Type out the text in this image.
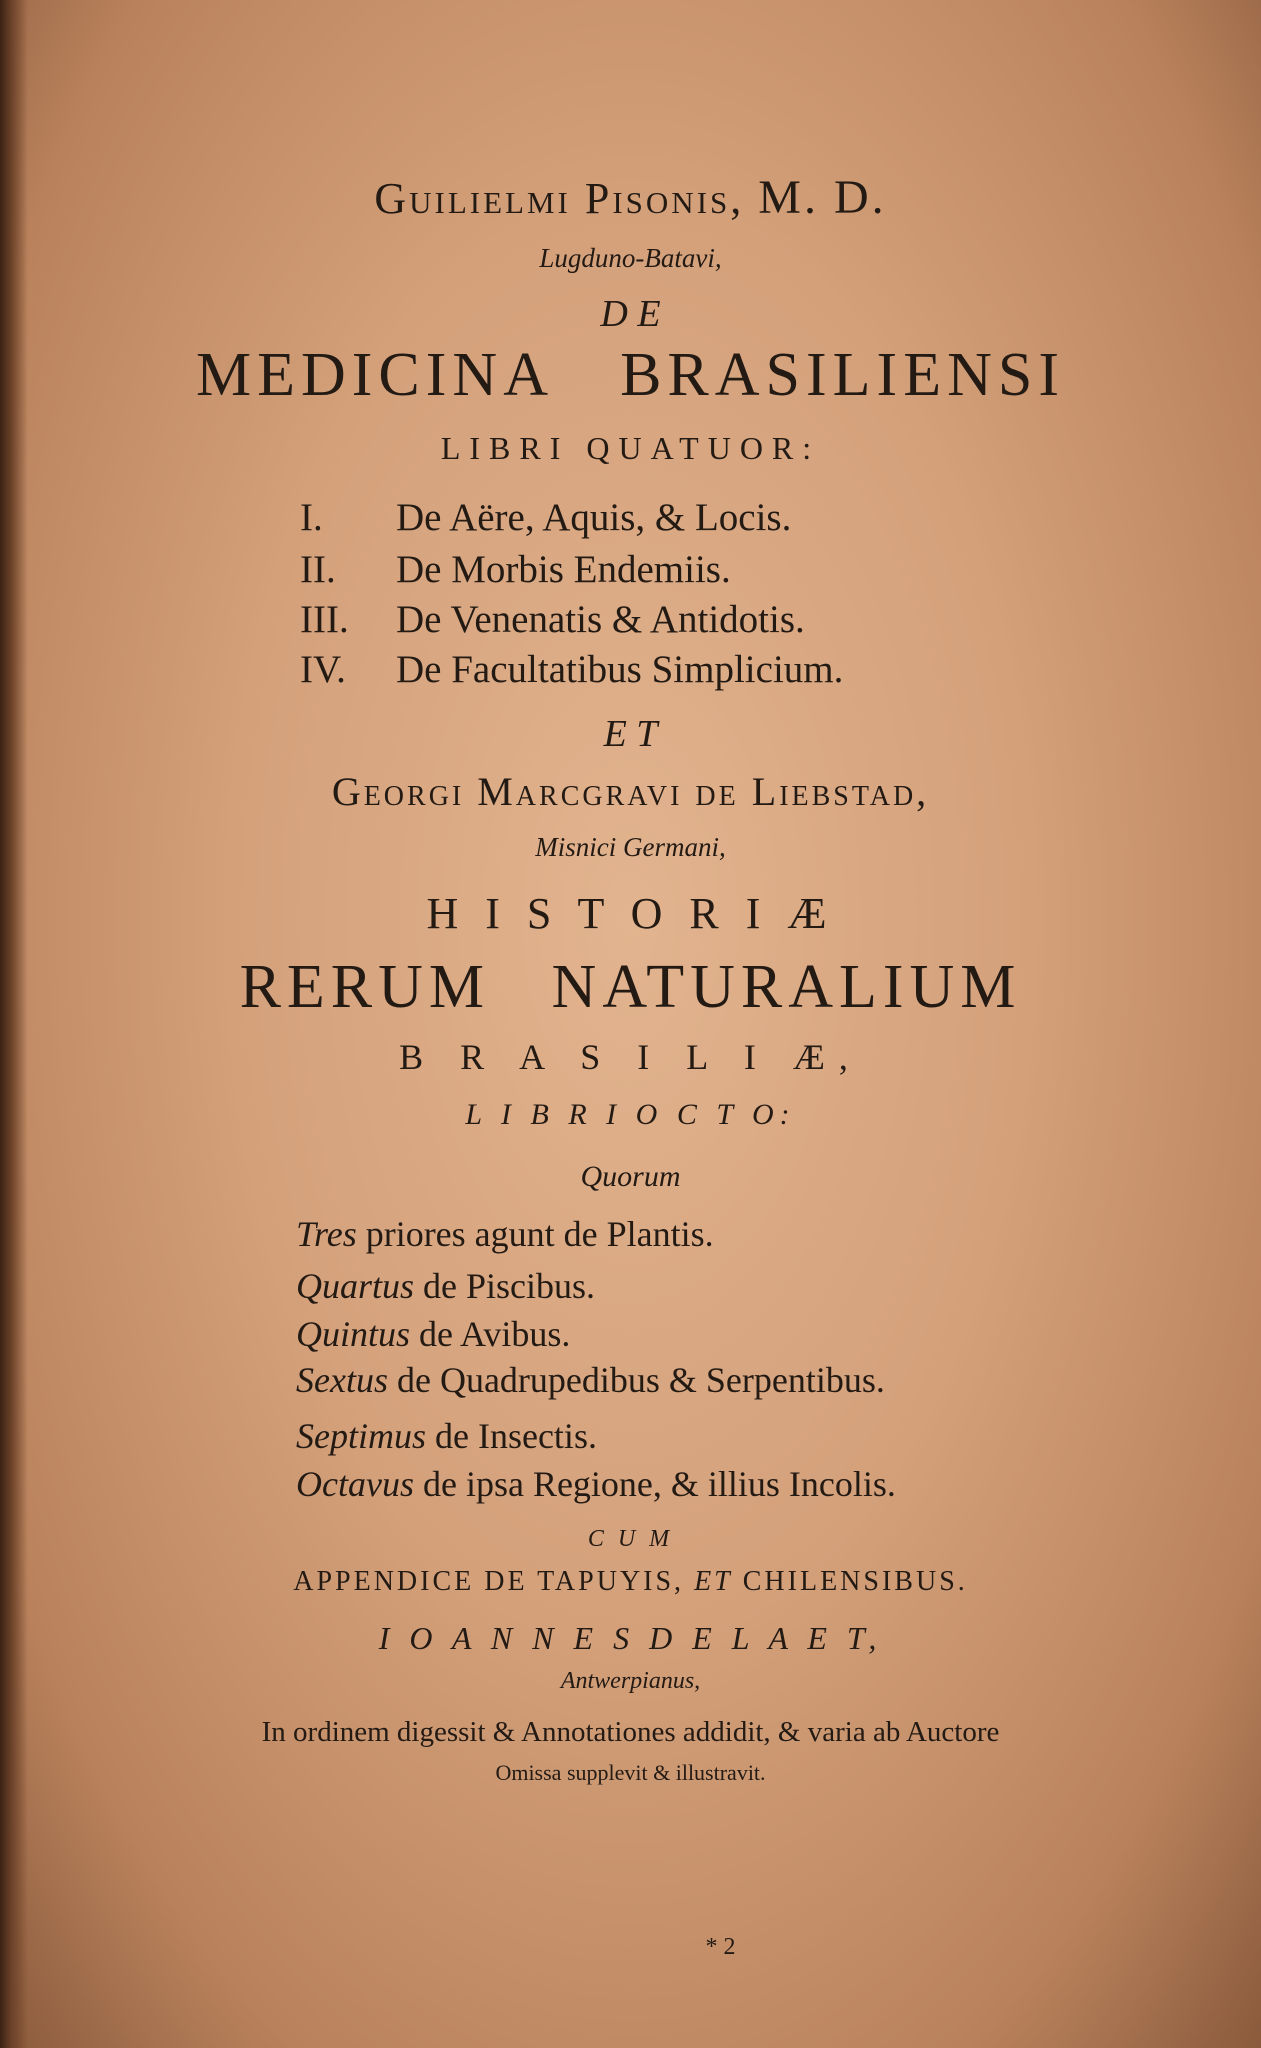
Guilielmi Pisonis, M. D.
Lugduno-Batavi,
D E
MEDICINA BRASILIENSI
LIBRI QUATUOR:
I. De Aëre, Aquis, & Locis.
II. De Morbis Endemiis.
III. De Venenatis & Antidotis.
IV. De Facultatibus Simplicium.
E T
Georgi Marcgravi de Liebstad,
Misnici Germani,
H I S T O R I Æ
RERUM NATURALIUM
B R A S I L I Æ,
L I B R I O C T O:
Quorum
Tres priores agunt de Plantis.
Quartus de Piscibus.
Quintus de Avibus.
Sextus de Quadrupedibus & Serpentibus.
Septimus de Insectis.
Octavus de ipsa Regione, & illius Incolis.
C U M
APPENDICE DE TAPUYIS, ET CHILENSIBUS.
I O A N N E S D E L A E T,
Antwerpianus,
In ordinem digessit & Annotationes addidit, & varia ab Auctore
Omissa supplevit & illustravit.
* 2
